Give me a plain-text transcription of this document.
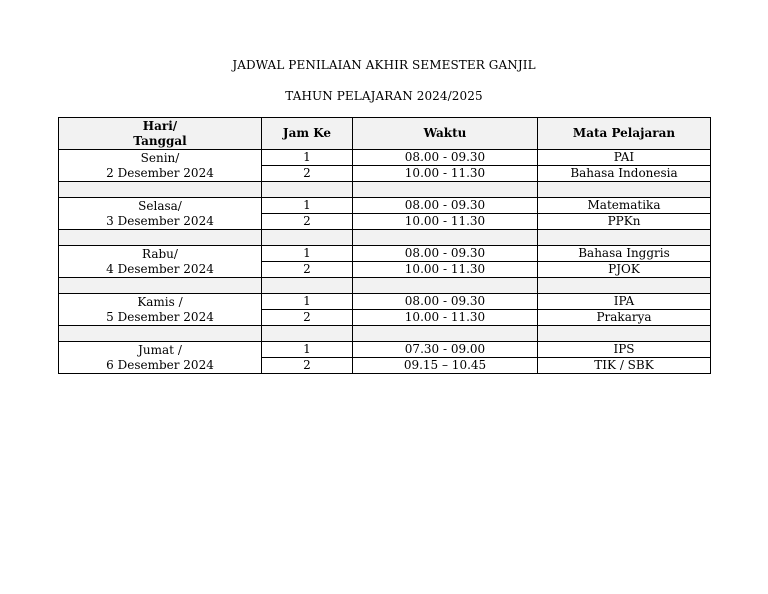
JADWAL PENILAIAN AKHIR SEMESTER GANJIL
TAHUN PELAJARAN 2024/2025
Hari/
Tanggal	Jam Ke	Waktu	Mata Pelajaran
Senin/
2 Desember 2024	1	08.00 - 09.30	PAI
	2	10.00 - 11.30	Bahasa Indonesia

Selasa/
3 Desember 2024	1	08.00 - 09.30	Matematika
	2	10.00 - 11.30	PPKn

Rabu/
4 Desember 2024	1	08.00 - 09.30	Bahasa Inggris
	2	10.00 - 11.30	PJOK

Kamis /
5 Desember 2024	1	08.00 - 09.30	IPA
	2	10.00 - 11.30	Prakarya

Jumat /
6 Desember 2024	1	07.30 - 09.00	IPS
	2	09.15 – 10.45	TIK / SBK
